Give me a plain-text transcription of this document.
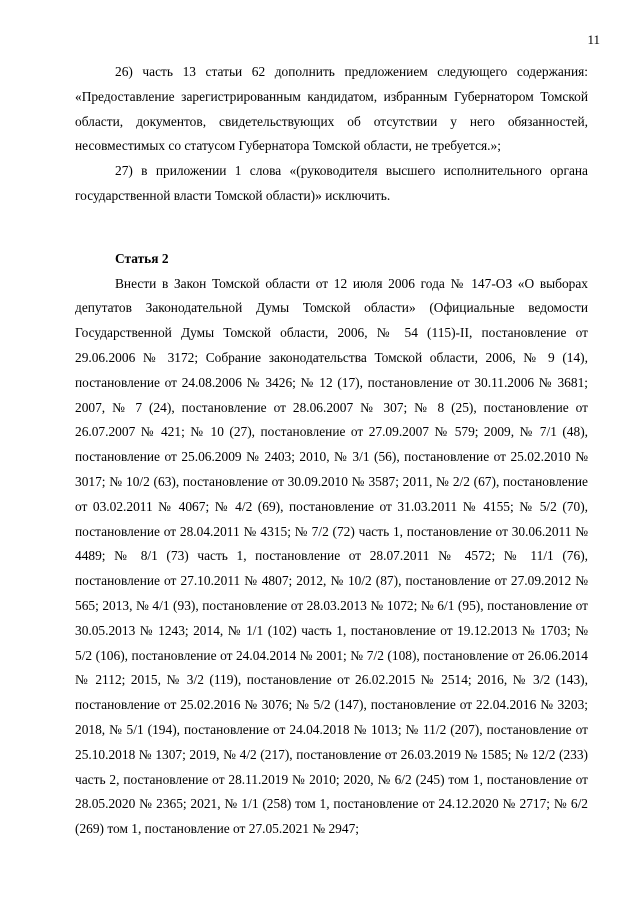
11

26) часть 13 статьи 62 дополнить предложением следующего содержания: «Предоставление зарегистрированным кандидатом, избранным Губернатором Томской области, документов, свидетельствующих об отсутствии у него обязанностей, несовместимых со статусом Губернатора Томской области, не требуется.»;

27) в приложении 1 слова «(руководителя высшего исполнительного органа государственной власти Томской области)» исключить.

Статья 2

Внести в Закон Томской области от 12 июля 2006 года № 147-ОЗ «О выборах депутатов Законодательной Думы Томской области» (Официальные ведомости Государственной Думы Томской области, 2006, № 54 (115)-II, постановление от 29.06.2006 № 3172; Собрание законодательства Томской области, 2006, № 9 (14), постановление от 24.08.2006 № 3426; № 12 (17), постановление от 30.11.2006 № 3681; 2007, № 7 (24), постановление от 28.06.2007 № 307; № 8 (25), постановление от 26.07.2007 № 421; № 10 (27), постановление от 27.09.2007 № 579; 2009, № 7/1 (48), постановление от 25.06.2009 № 2403; 2010, № 3/1 (56), постановление от 25.02.2010 № 3017; № 10/2 (63), постановление от 30.09.2010 № 3587; 2011, № 2/2 (67), постановление от 03.02.2011 № 4067; № 4/2 (69), постановление от 31.03.2011 № 4155; № 5/2 (70), постановление от 28.04.2011 № 4315; № 7/2 (72) часть 1, постановление от 30.06.2011 № 4489; № 8/1 (73) часть 1, постановление от 28.07.2011 № 4572; № 11/1 (76), постановление от 27.10.2011 № 4807; 2012, № 10/2 (87), постановление от 27.09.2012 № 565; 2013, № 4/1 (93), постановление от 28.03.2013 № 1072; № 6/1 (95), постановление от 30.05.2013 № 1243; 2014, № 1/1 (102) часть 1, постановление от 19.12.2013 № 1703; № 5/2 (106), постановление от 24.04.2014 № 2001; № 7/2 (108), постановление от 26.06.2014 № 2112; 2015, № 3/2 (119), постановление от 26.02.2015 № 2514; 2016, № 3/2 (143), постановление от 25.02.2016 № 3076; № 5/2 (147), постановление от 22.04.2016 № 3203; 2018, № 5/1 (194), постановление от 24.04.2018 № 1013; № 11/2 (207), постановление от 25.10.2018 № 1307; 2019, № 4/2 (217), постановление от 26.03.2019 № 1585; № 12/2 (233) часть 2, постановление от 28.11.2019 № 2010; 2020, № 6/2 (245) том 1, постановление от 28.05.2020 № 2365; 2021, № 1/1 (258) том 1, постановление от 24.12.2020 № 2717; № 6/2 (269) том 1, постановление от 27.05.2021 № 2947;
